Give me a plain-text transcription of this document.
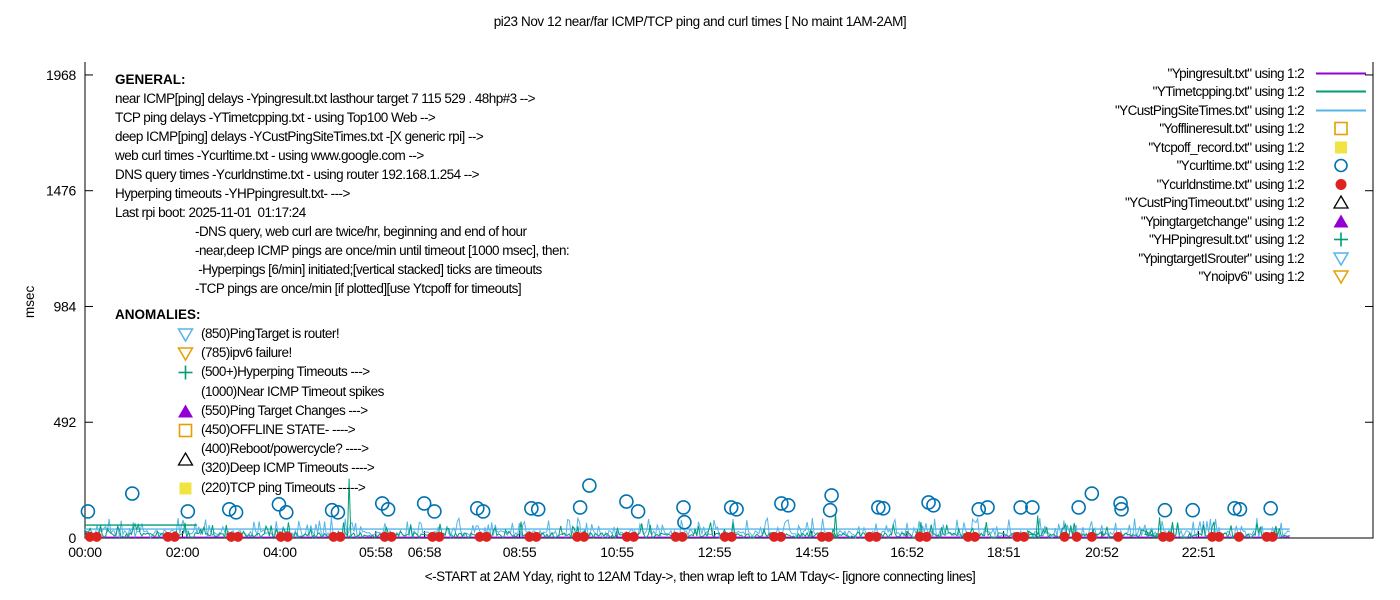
pi23 Nov 12 near/far ICMP/TCP ping and curl times [ No maint 1AM-2AM]
msec
0
492
984
1476
1968
00:00	02:00	04:00	05:58 06:58	08:55	10:55	12:55	14:55	16:52	18:51	20:52	22:51
GENERAL:
near ICMP[ping] delays -Ypingresult.txt lasthour target 7 115 529 . 48hp#3 -->
TCP ping delays -YTimetcpping.txt - using Top100 Web -->
deep ICMP[ping] delays -YCustPingSiteTimes.txt -[X generic rpi] -->
web curl times -Ycurltime.txt - using www.google.com -->
DNS query times -Ycurldnstime.txt - using router 192.168.1.254 -->
Hyperping timeouts -YHPpingresult.txt- --->
Last rpi boot: 2025-11-01  01:17:24
-DNS query, web curl are twice/hr, beginning and end of hour
-near,deep ICMP pings are once/min until timeout [1000 msec], then:
-Hyperpings [6/min] initiated;[vertical stacked] ticks are timeouts
-TCP pings are once/min [if plotted][use Ytcpoff for timeouts]
ANOMALIES:
(850)PingTarget is router!
(785)ipv6 failure!
(500+)Hyperping Timeouts --->
(1000)Near ICMP Timeout spikes
(550)Ping Target Changes --->
(450)OFFLINE STATE- ---->
(400)Reboot/powercycle? ---->
(320)Deep ICMP Timeouts ---->
(220)TCP ping Timeouts ----->
"Ypingresult.txt" using 1:2
"YTimetcpping.txt" using 1:2
"YCustPingSiteTimes.txt" using 1:2
"Yofflineresult.txt" using 1:2
"Ytcpoff_record.txt" using 1:2
"Ycurltime.txt" using 1:2
"Ycurldnstime.txt" using 1:2
"YCustPingTimeout.txt" using 1:2
"Ypingtargetchange" using 1:2
"YHPpingresult.txt" using 1:2
"YpingtargetISrouter" using 1:2
"Ynoipv6" using 1:2
<-START at 2AM Yday, right to 12AM Tday->, then wrap left to 1AM Tday<- [ignore connecting lines]
